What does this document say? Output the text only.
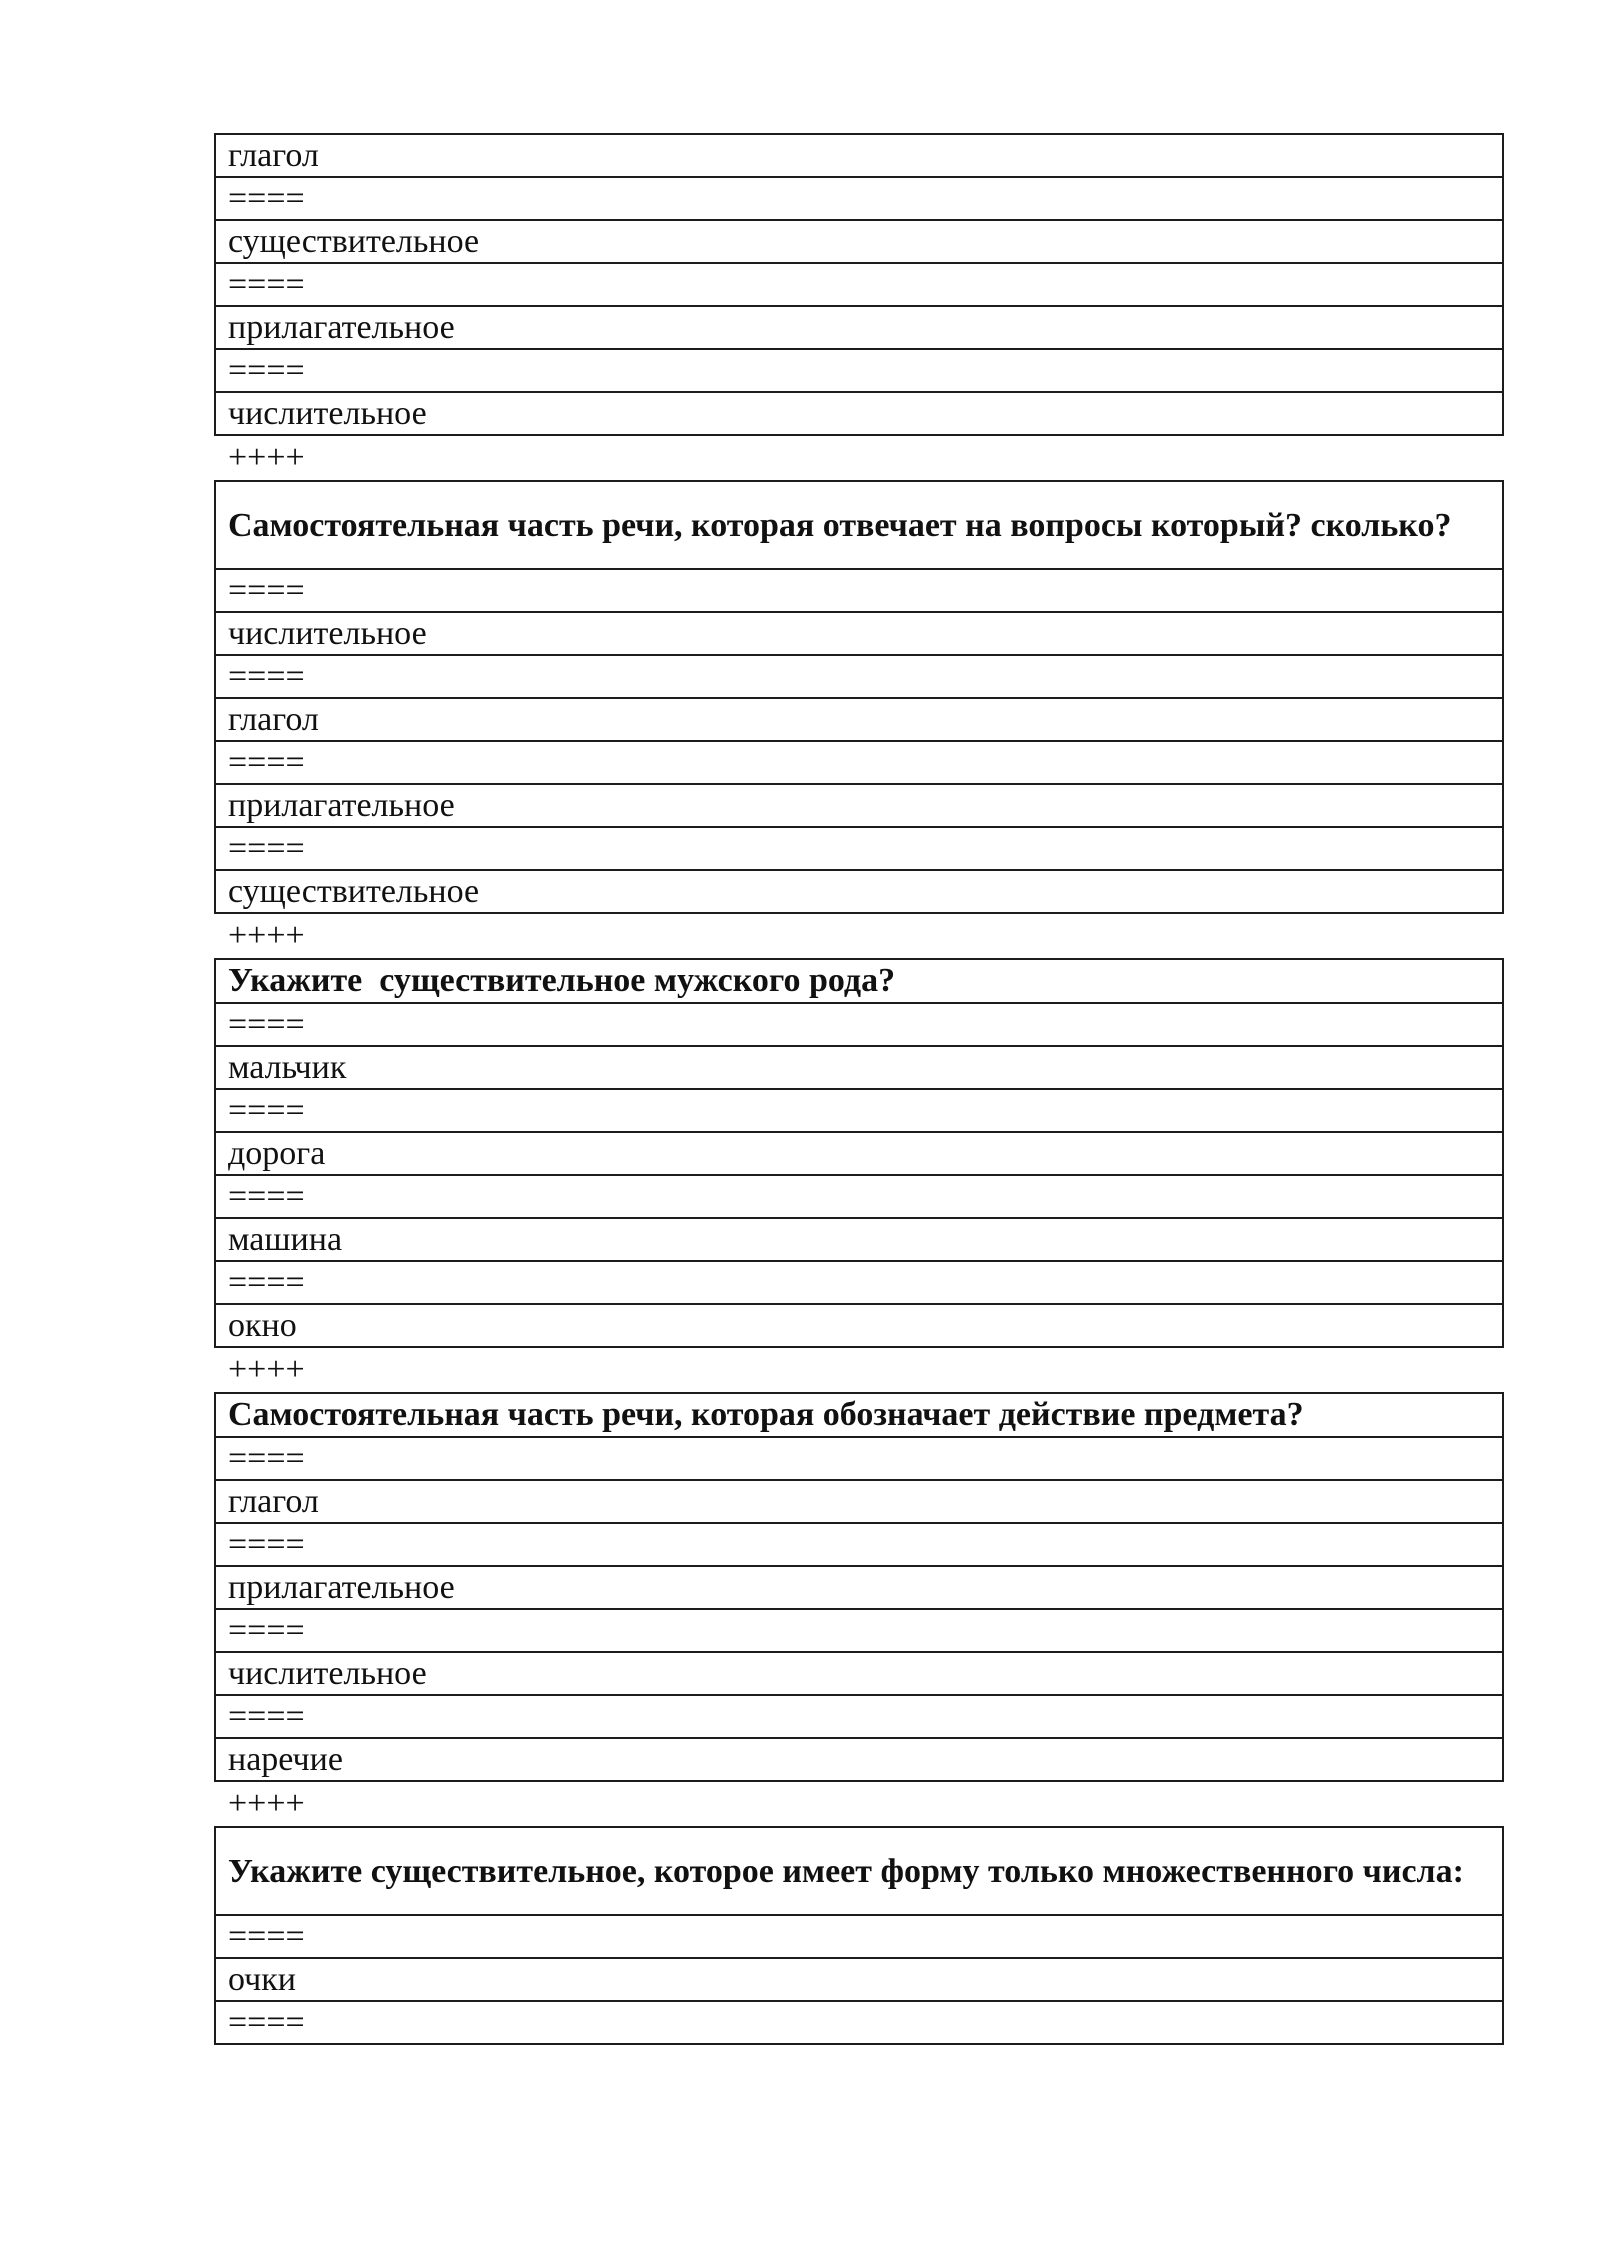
глагол
====
существительное
====
прилагательное
====
числительное
++++
Самостоятельная часть речи, которая отвечает на вопросы который? сколько?
====
числительное
====
глагол
====
прилагательное
====
существительное
++++
Укажите  существительное мужского рода?
====
мальчик
====
дорога
====
машина
====
окно
++++
Самостоятельная часть речи, которая обозначает действие предмета?
====
глагол
====
прилагательное
====
числительное
====
наречие
++++
Укажите существительное, которое имеет форму только множественного числа:
====
очки
====
